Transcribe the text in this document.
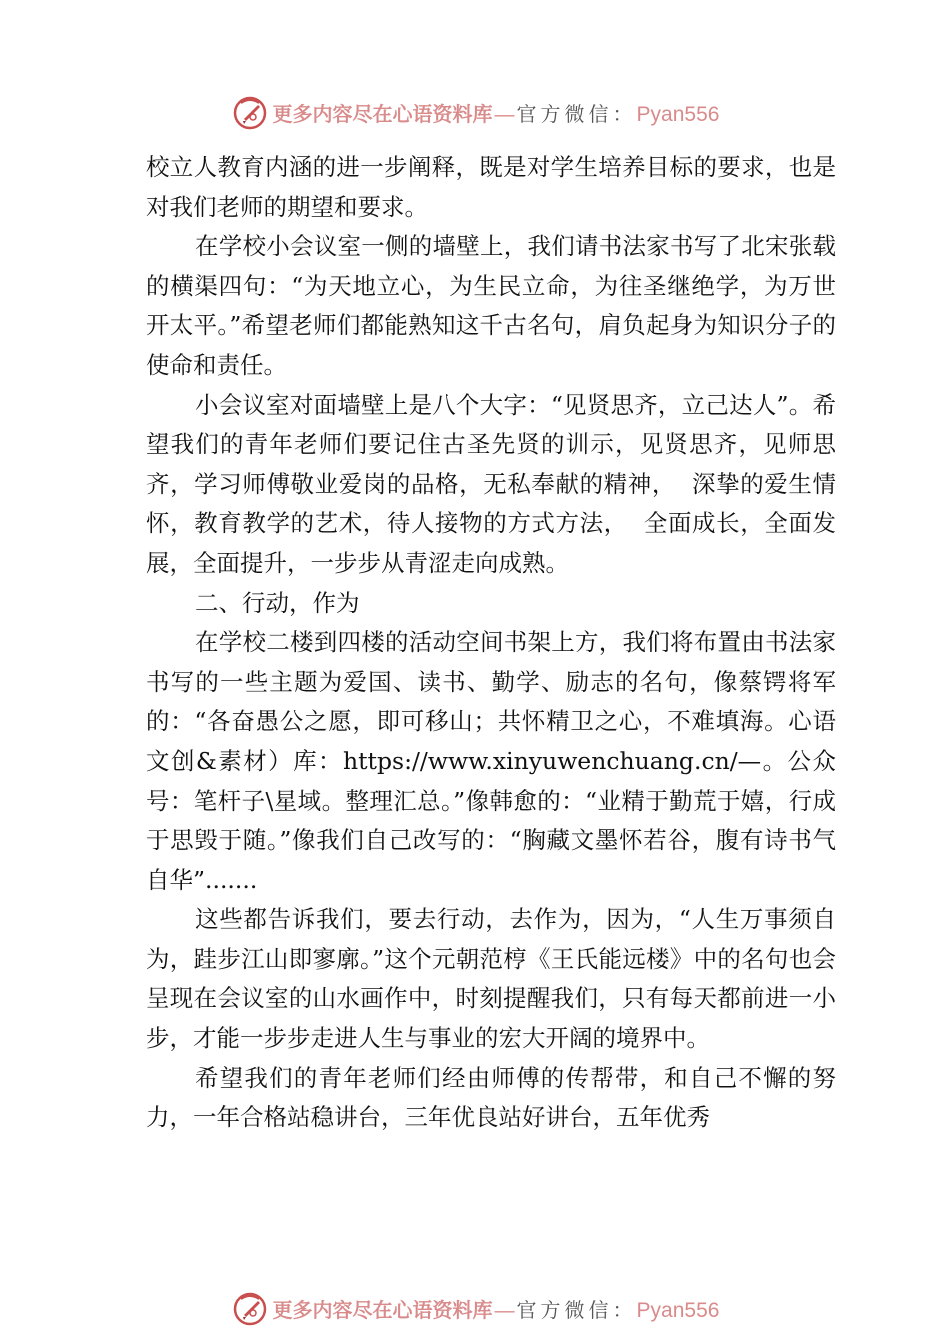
更多内容尽在心语资料库 — 官方微信： Pyan556

校立人教育内涵的进一步阐释，既是对学生培养目标的要求，也是对我们老师的期望和要求。

在学校小会议室一侧的墙壁上，我们请书法家书写了北宋张载的横渠四句：“为天地立心，为生民立命，为往圣继绝学，为万世开太平。”希望老师们都能熟知这千古名句，肩负起身为知识分子的使命和责任。

小会议室对面墙壁上是八个大字：“见贤思齐，立己达人”。希望我们的青年老师们要记住古圣先贤的训示，见贤思齐，见师思齐，学习师傅敬业爱岗的品格，无私奉献的精神，  深挚的爱生情怀，教育教学的艺术，待人接物的方式方法，  全面成长，全面发展，全面提升，一步步从青涩走向成熟。

二、行动，作为

在学校二楼到四楼的活动空间书架上方，我们将布置由书法家书写的一些主题为爱国、读书、勤学、励志的名句，像蔡锷将军的：“各奋愚公之愿，即可移山；共怀精卫之心，不难填海。心语文创&素材）库：https://www.xinyuwenchuang.cn/—。公众号：笔杆子\星域。整理汇总。”像韩愈的：“业精于勤荒于嬉，行成于思毁于随。”像我们自己改写的：“胸藏文墨怀若谷，腹有诗书气自华”.......

这些都告诉我们，要去行动，去作为，因为，“人生万事须自为，跬步江山即寥廓。”这个元朝范梈《王氏能远楼》中的名句也会呈现在会议室的山水画作中，时刻提醒我们，只有每天都前进一小步，才能一步步走进人生与事业的宏大开阔的境界中。

希望我们的青年老师们经由师傅的传帮带，和自己不懈的努力，一年合格站稳讲台，三年优良站好讲台，五年优秀

更多内容尽在心语资料库 — 官方微信： Pyan556
